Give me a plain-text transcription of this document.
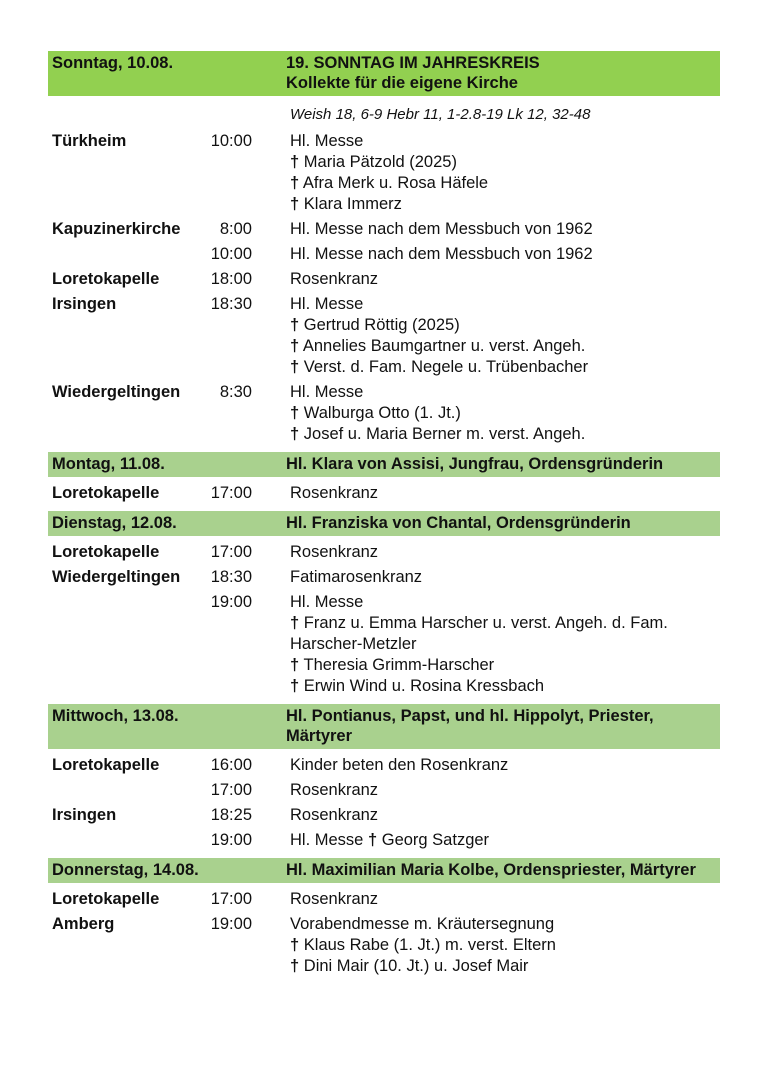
Sonntag, 10.08.	19. SONNTAG IM JAHRESKREIS
Kollekte für die eigene Kirche
Weish 18, 6-9 Hebr 11, 1-2.8-19 Lk 12, 32-48
Türkheim	10:00 Hl. Messe
† Maria Pätzold (2025)
† Afra Merk u. Rosa Häfele
† Klara Immerz
Kapuzinerkirche	8:00 Hl. Messe nach dem Messbuch von 1962
10:00 Hl. Messe nach dem Messbuch von 1962
Loretokapelle	18:00 Rosenkranz
Irsingen	18:30 Hl. Messe
† Gertrud Röttig (2025)
† Annelies Baumgartner u. verst. Angeh.
† Verst. d. Fam. Negele u. Trübenbacher
Wiedergeltingen	8:30 Hl. Messe
† Walburga Otto (1. Jt.)
† Josef u. Maria Berner m. verst. Angeh.
Montag, 11.08.	Hl. Klara von Assisi, Jungfrau, Ordensgründerin
Loretokapelle	17:00 Rosenkranz
Dienstag, 12.08.	Hl. Franziska von Chantal, Ordensgründerin
Loretokapelle	17:00 Rosenkranz
Wiedergeltingen	18:30 Fatimarosenkranz
19:00 Hl. Messe
† Franz u. Emma Harscher u. verst. Angeh. d. Fam. Harscher-Metzler
† Theresia Grimm-Harscher
† Erwin Wind u. Rosina Kressbach
Mittwoch, 13.08.	Hl. Pontianus, Papst, und hl. Hippolyt, Priester, Märtyrer
Loretokapelle	16:00 Kinder beten den Rosenkranz
17:00 Rosenkranz
Irsingen	18:25 Rosenkranz
19:00 Hl. Messe † Georg Satzger
Donnerstag, 14.08.	Hl. Maximilian Maria Kolbe, Ordenspriester, Märtyrer
Loretokapelle	17:00 Rosenkranz
Amberg	19:00 Vorabendmesse m. Kräutersegnung
† Klaus Rabe (1. Jt.) m. verst. Eltern
† Dini Mair (10. Jt.) u. Josef Mair
